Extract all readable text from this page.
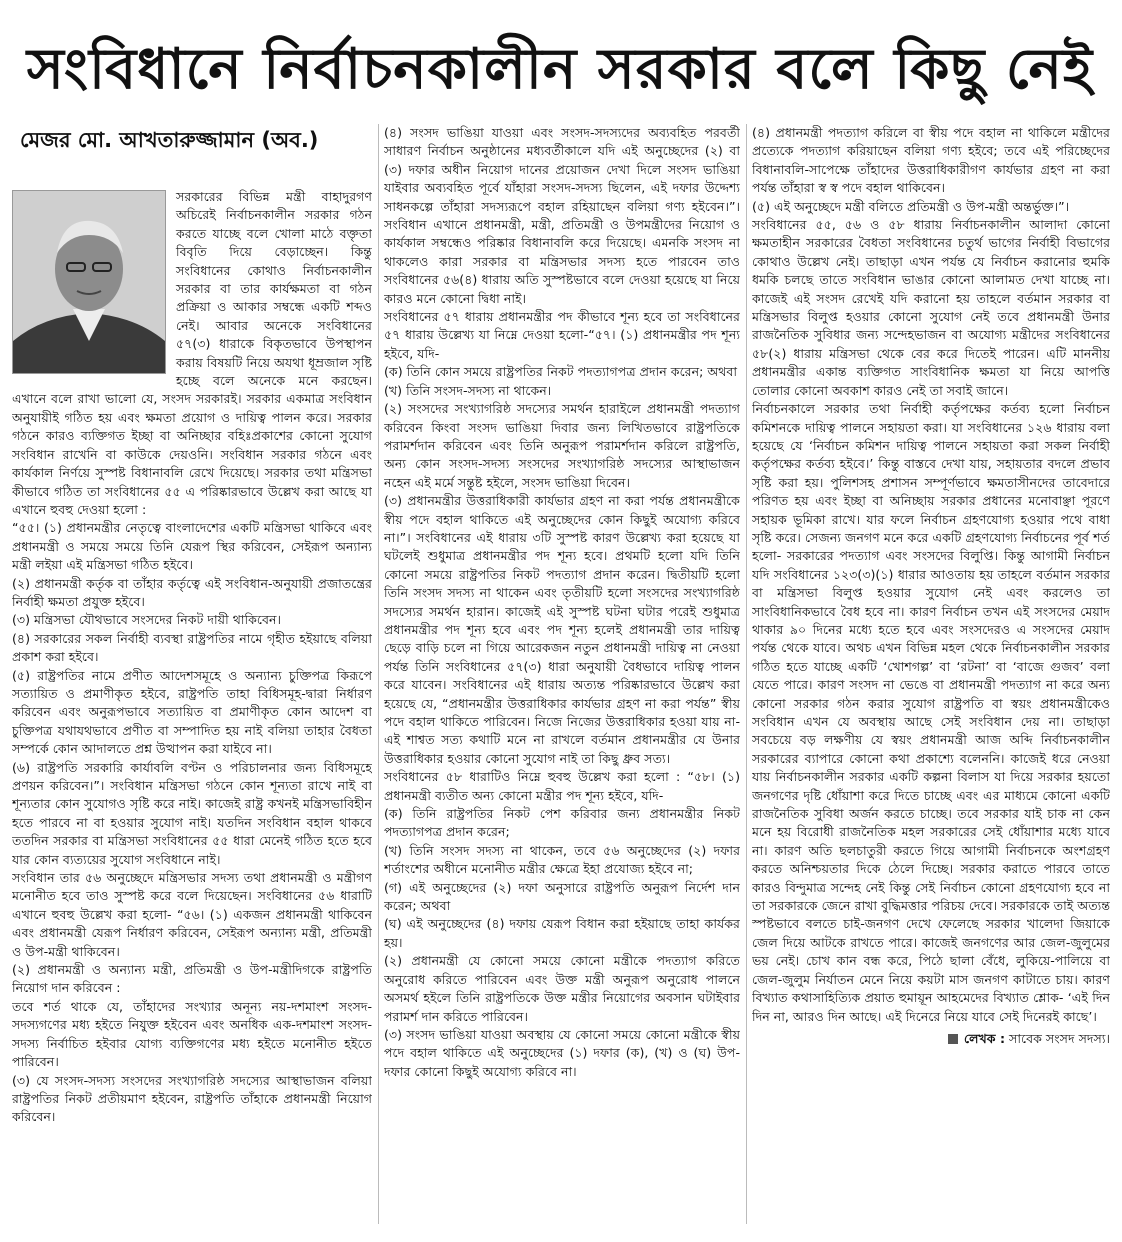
সংবিধানে নির্বাচনকালীন সরকার বলে কিছু নেই
মেজর মো. আখতারুজ্জামান (অব.)

সরকারের বিভিন্ন মন্ত্রী বাহাদুরগণ অচিরেই নির্বাচনকালীন সরকার গঠন করতে যাচ্ছে বলে খোলা মাঠে বক্তৃতা বিবৃতি দিয়ে বেড়াচ্ছেন। কিন্তু সংবিধানের কোথাও নির্বাচনকালীন সরকার বা তার কার্যক্ষমতা বা গঠন প্রক্রিয়া ও আকার সম্বন্ধে একটি শব্দও নেই। আবার অনেকে সংবিধানের ৫৭(৩) ধারাকে বিকৃতভাবে উপস্থাপন করায় বিষয়টি নিয়ে অযথা ধূম্রজাল সৃষ্টি হচ্ছে বলে অনেকে মনে করছেন। এখানে বলে রাখা ভালো যে, সংসদ সরকারই। সরকার একমাত্র সংবিধান অনুযায়ীই গঠিত হয় এবং ক্ষমতা প্রয়োগ ও দায়িত্ব পালন করে। সরকার গঠনে কারও ব্যক্তিগত ইচ্ছা বা অনিচ্ছার বহিঃপ্রকাশের কোনো সুযোগ সংবিধান রাখেনি বা কাউকে দেয়ওনি। সংবিধান সরকার গঠনে এবং কার্যকাল নির্ণয়ে সুস্পষ্ট বিধানাবলি রেখে দিয়েছে। সরকার তথা মন্ত্রিসভা কীভাবে গঠিত তা সংবিধানের ৫৫ এ পরিষ্কারভাবে উল্লেখ করা আছে যা এখানে হুবহু দেওয়া হলো :

“৫৫। (১) প্রধানমন্ত্রীর নেতৃত্বে বাংলাদেশের একটি মন্ত্রিসভা থাকিবে এবং প্রধানমন্ত্রী ও সময়ে সময়ে তিনি যেরূপ স্থির করিবেন, সেইরূপ অন্যান্য মন্ত্রী লইয়া এই মন্ত্রিসভা গঠিত হইবে।

(২) প্রধানমন্ত্রী কর্তৃক বা তাঁহার কর্তৃত্বে এই সংবিধান-অনুযায়ী প্রজাতন্ত্রের নির্বাহী ক্ষমতা প্রযুক্ত হইবে।

(৩) মন্ত্রিসভা যৌথভাবে সংসদের নিকট দায়ী থাকিবেন।

(৪) সরকারের সকল নির্বাহী ব্যবস্থা রাষ্ট্রপতির নামে গৃহীত হইয়াছে বলিয়া প্রকাশ করা হইবে।

(৫) রাষ্ট্রপতির নামে প্রণীত আদেশসমূহে ও অন্যান্য চুক্তিপত্র কিরূপে সত্যায়িত ও প্রমাণীকৃত হইবে, রাষ্ট্রপতি তাহা বিধিসমূহ-দ্বারা নির্ধারণ করিবেন এবং অনুরূপভাবে সত্যায়িত বা প্রমাণীকৃত কোন আদেশ বা চুক্তিপত্র যথাযথভাবে প্রণীত বা সম্পাদিত হয় নাই বলিয়া তাহার বৈধতা সম্পর্কে কোন আদালতে প্রশ্ন উত্থাপন করা যাইবে না।

(৬) রাষ্ট্রপতি সরকারি কার্যাবলি বণ্টন ও পরিচালনার জন্য বিধিসমূহে প্রণয়ন করিবেন।”। সংবিধান মন্ত্রিসভা গঠনে কোন শূন্যতা রাখে নাই বা শূন্যতার কোন সুযোগও সৃষ্টি করে নাই। কাজেই রাষ্ট্র কখনই মন্ত্রিসভাবিহীন হতে পারবে না বা হওয়ার সুযোগ নাই। যতদিন সংবিধান বহাল থাকবে ততদিন সরকার বা মন্ত্রিসভা সংবিধানের ৫৫ ধারা মেনেই গঠিত হতে হবে যার কোন ব্যত্যয়ের সুযোগ সংবিধানে নাই।

সংবিধান তার ৫৬ অনুচ্ছেদে মন্ত্রিসভার সদস্য তথা প্রধানমন্ত্রী ও মন্ত্রীগণ মনোনীত হবে তাও সুস্পষ্ট করে বলে দিয়েছেন। সংবিধানের ৫৬ ধারাটি এখানে হুবহু উল্লেখ করা হলো- “৫৬। (১) একজন প্রধানমন্ত্রী থাকিবেন এবং প্রধানমন্ত্রী যেরূপ নির্ধারণ করিবেন, সেইরূপ অন্যান্য মন্ত্রী, প্রতিমন্ত্রী ও উপ-মন্ত্রী থাকিবেন।

(২) প্রধানমন্ত্রী ও অন্যান্য মন্ত্রী, প্রতিমন্ত্রী ও উপ-মন্ত্রীদিগকে রাষ্ট্রপতি নিয়োগ দান করিবেন :

তবে শর্ত থাকে যে, তাঁহাদের সংখ্যার অনূন্য নয়-দশমাংশ সংসদ-সদস্যগণের মধ্য হইতে নিযুক্ত হইবেন এবং অনধিক এক-দশমাংশ সংসদ-সদস্য নির্বাচিত হইবার যোগ্য ব্যক্তিগণের মধ্য হইতে মনোনীত হইতে পারিবেন।

(৩) যে সংসদ-সদস্য সংসদের সংখ্যাগরিষ্ঠ সদস্যের আস্থাভাজন বলিয়া রাষ্ট্রপতির নিকট প্রতীয়মাণ হইবেন, রাষ্ট্রপতি তাঁহাকে প্রধানমন্ত্রী নিয়োগ করিবেন।

(৪) সংসদ ভাঙিয়া যাওয়া এবং সংসদ-সদস্যদের অব্যবহিত পরবর্তী সাধারণ নির্বাচন অনুষ্ঠানের মধ্যবর্তীকালে যদি এই অনুচ্ছেদের (২) বা (৩) দফার অধীন নিয়োগ দানের প্রয়োজন দেখা দিলে সংসদ ভাঙিয়া যাইবার অব্যবহিত পূর্বে যাঁহারা সংসদ-সদস্য ছিলেন, এই দফার উদ্দেশ্য সাধনকল্পে তাঁহারা সদস্যরূপে বহাল রহিয়াছেন বলিয়া গণ্য হইবেন।”। সংবিধান এখানে প্রধানমন্ত্রী, মন্ত্রী, প্রতিমন্ত্রী ও উপমন্ত্রীদের নিয়োগ ও কার্যকাল সম্বন্ধেও পরিষ্কার বিধানাবলি করে দিয়েছে। এমনকি সংসদ না থাকলেও কারা সরকার বা মন্ত্রিসভার সদস্য হতে পারবেন তাও সংবিধানের ৫৬(৪) ধারায় অতি সুস্পষ্টভাবে বলে দেওয়া হয়েছে যা নিয়ে কারও মনে কোনো দ্বিধা নাই।

সংবিধানের ৫৭ ধারায় প্রধানমন্ত্রীর পদ কীভাবে শূন্য হবে তা সংবিধানের ৫৭ ধারায় উল্লেখ্য যা নিম্নে দেওয়া হলো-“৫৭। (১) প্রধানমন্ত্রীর পদ শূন্য হইবে, যদি-

(ক) তিনি কোন সময়ে রাষ্ট্রপতির নিকট পদত্যাগপত্র প্রদান করেন; অথবা

(খ) তিনি সংসদ-সদস্য না থাকেন।

(২) সংসদের সংখ্যাগরিষ্ঠ সদস্যের সমর্থন হারাইলে প্রধানমন্ত্রী পদত্যাগ করিবেন কিংবা সংসদ ভাঙিয়া দিবার জন্য লিখিতভাবে রাষ্ট্রপতিকে পরামর্শদান করিবেন এবং তিনি অনুরূপ পরামর্শদান করিলে রাষ্ট্রপতি, অন্য কোন সংসদ-সদস্য সংসদের সংখ্যাগরিষ্ঠ সদস্যের আস্থাভাজন নহেন এই মর্মে সন্তুষ্ট হইলে, সংসদ ভাঙিয়া দিবেন।

(৩) প্রধানমন্ত্রীর উত্তরাধিকারী কার্যভার গ্রহণ না করা পর্যন্ত প্রধানমন্ত্রীকে স্বীয় পদে বহাল থাকিতে এই অনুচ্ছেদের কোন কিছুই অযোগ্য করিবে না।”। সংবিধানের এই ধারায় ৩টি সুস্পষ্ট কারণ উল্লেখ্য করা হয়েছে যা ঘটলেই শুধুমাত্র প্রধানমন্ত্রীর পদ শূন্য হবে। প্রথমটি হলো যদি তিনি কোনো সময়ে রাষ্ট্রপতির নিকট পদত্যাগ প্রদান করেন। দ্বিতীয়টি হলো তিনি সংসদ সদস্য না থাকেন এবং তৃতীয়টি হলো সংসদের সংখ্যাগরিষ্ঠ সদস্যের সমর্থন হারান। কাজেই এই সুস্পষ্ট ঘটনা ঘটার পরেই শুধুমাত্র প্রধানমন্ত্রীর পদ শূন্য হবে এবং পদ শূন্য হলেই প্রধানমন্ত্রী তার দায়িত্ব ছেড়ে বাড়ি চলে না গিয়ে আরেকজন নতুন প্রধানমন্ত্রী দায়িত্ব না নেওয়া পর্যন্ত তিনি সংবিধানের ৫৭(৩) ধারা অনুযায়ী বৈধভাবে দায়িত্ব পালন করে যাবেন। সংবিধানের এই ধারায় অত্যন্ত পরিষ্কারভাবে উল্লেখ করা হয়েছে যে, “প্রধানমন্ত্রীর উত্তরাধিকার কার্যভার গ্রহণ না করা পর্যন্ত” স্বীয় পদে বহাল থাকিতে পারিবেন। নিজে নিজের উত্তরাধিকার হওয়া যায় না-এই শাশ্বত সত্য কথাটি মনে না রাখলে বর্তমান প্রধানমন্ত্রীর যে উনার উত্তরাধিকার হওয়ার কোনো সুযোগ নাই তা কিছু ধ্রুব সত্য।

সংবিধানের ৫৮ ধারাটিও নিম্নে হুবহু উল্লেখ করা হলো : “৫৮। (১) প্রধানমন্ত্রী ব্যতীত অন্য কোনো মন্ত্রীর পদ শূন্য হইবে, যদি-

(ক) তিনি রাষ্ট্রপতির নিকট পেশ করিবার জন্য প্রধানমন্ত্রীর নিকট পদত্যাগপত্র প্রদান করেন;

(খ) তিনি সংসদ সদস্য না থাকেন, তবে ৫৬ অনুচ্ছেদের (২) দফার শর্তাংশের অধীনে মনোনীত মন্ত্রীর ক্ষেত্রে ইহা প্রযোজ্য হইবে না;

(গ) এই অনুচ্ছেদের (২) দফা অনুসারে রাষ্ট্রপতি অনুরূপ নির্দেশ দান করেন; অথবা

(ঘ) এই অনুচ্ছেদের (৪) দফায় যেরূপ বিধান করা হইয়াছে তাহা কার্যকর হয়।

(২) প্রধানমন্ত্রী যে কোনো সময়ে কোনো মন্ত্রীকে পদত্যাগ করিতে অনুরোধ করিতে পারিবেন এবং উক্ত মন্ত্রী অনুরূপ অনুরোধ পালনে অসমর্থ হইলে তিনি রাষ্ট্রপতিকে উক্ত মন্ত্রীর নিয়োগের অবসান ঘটাইবার পরামর্শ দান করিতে পারিবেন।

(৩) সংসদ ভাঙিয়া যাওয়া অবস্থায় যে কোনো সময়ে কোনো মন্ত্রীকে স্বীয় পদে বহাল থাকিতে এই অনুচ্ছেদের (১) দফার (ক), (খ) ও (ঘ) উপ-দফার কোনো কিছুই অযোগ্য করিবে না।

(৪) প্রধানমন্ত্রী পদত্যাগ করিলে বা স্বীয় পদে বহাল না থাকিলে মন্ত্রীদের প্রত্যেকে পদত্যাগ করিয়াছেন বলিয়া গণ্য হইবে; তবে এই পরিচ্ছেদের বিধানাবলি-সাপেক্ষে তাঁহাদের উত্তরাধিকারীগণ কার্যভার গ্রহণ না করা পর্যন্ত তাঁহারা স্ব স্ব পদে বহাল থাকিবেন।

(৫) এই অনুচ্ছেদে মন্ত্রী বলিতে প্রতিমন্ত্রী ও উপ-মন্ত্রী অন্তর্ভুক্ত।”।

সংবিধানের ৫৫, ৫৬ ও ৫৮ ধারায় নির্বাচনকালীন আলাদা কোনো ক্ষমতাহীন সরকারের বৈধতা সংবিধানের চতুর্থ ভাগের নির্বাহী বিভাগের কোথাও উল্লেখ নেই। তাছাড়া এখন পর্যন্ত যে নির্বাচন করানোর হুমকি ধমকি চলছে তাতে সংবিধান ভাঙার কোনো আলামত দেখা যাচ্ছে না। কাজেই এই সংসদ রেখেই যদি করানো হয় তাহলে বর্তমান সরকার বা মন্ত্রিসভার বিলুপ্ত হওয়ার কোনো সুযোগ নেই তবে প্রধানমন্ত্রী উনার রাজনৈতিক সুবিধার জন্য সন্দেহভাজন বা অযোগ্য মন্ত্রীদের সংবিধানের ৫৮(২) ধারায় মন্ত্রিসভা থেকে বের করে দিতেই পারেন। এটি মাননীয় প্রধানমন্ত্রীর একান্ত ব্যক্তিগত সাংবিধানিক ক্ষমতা যা নিয়ে আপত্তি তোলার কোনো অবকাশ কারও নেই তা সবাই জানে।

নির্বাচনকালে সরকার তথা নির্বাহী কর্তৃপক্ষের কর্তব্য হলো নির্বাচন কমিশনকে দায়িত্ব পালনে সহায়তা করা। যা সংবিধানের ১২৬ ধারায় বলা হয়েছে যে ‘নির্বাচন কমিশন দায়িত্ব পালনে সহায়তা করা সকল নির্বাহী কর্তৃপক্ষের কর্তব্য হইবে।’ কিন্তু বাস্তবে দেখা যায়, সহায়তার বদলে প্রভাব সৃষ্টি করা হয়। পুলিশসহ প্রশাসন সম্পূর্ণভাবে ক্ষমতাসীনদের তাবেদারে পরিণত হয় এবং ইচ্ছা বা অনিচ্ছায় সরকার প্রধানের মনোবাঞ্ছা পূরণে সহায়ক ভূমিকা রাখে। যার ফলে নির্বাচন গ্রহণযোগ্য হওয়ার পথে বাধা সৃষ্টি করে। সেজন্য জনগণ মনে করে একটি গ্রহণযোগ্য নির্বাচনের পূর্ব শর্ত হলো- সরকারের পদত্যাগ এবং সংসদের বিলুপ্তি। কিন্তু আগামী নির্বাচন যদি সংবিধানের ১২৩(৩)(১) ধারার আওতায় হয় তাহলে বর্তমান সরকার বা মন্ত্রিসভা বিলুপ্ত হওয়ার সুযোগ নেই এবং করলেও তা সাংবিধানিকভাবে বৈধ হবে না। কারণ নির্বাচন তখন এই সংসদের মেয়াদ থাকার ৯০ দিনের মধ্যে হতে হবে এবং সংসদেরও এ সংসদের মেয়াদ পর্যন্ত থেকে যাবে। অথচ এখন বিভিন্ন মহল থেকে নির্বাচনকালীন সরকার গঠিত হতে যাচ্ছে একটি ‘খোশগল্প’ বা ‘রটনা’ বা ‘বাজে গুজব’ বলা যেতে পারে। কারণ সংসদ না ভেঙে বা প্রধানমন্ত্রী পদত্যাগ না করে অন্য কোনো সরকার গঠন করার সুযোগ রাষ্ট্রপতি বা স্বয়ং প্রধানমন্ত্রীকেও সংবিধান এখন যে অবস্থায় আছে সেই সংবিধান দেয় না। তাছাড়া সবচেয়ে বড় লক্ষণীয় যে স্বয়ং প্রধানমন্ত্রী আজ অব্দি নির্বাচনকালীন সরকারের ব্যাপারে কোনো কথা প্রকাশ্যে বলেননি। কাজেই ধরে নেওয়া যায় নির্বাচনকালীন সরকার একটি কল্পনা বিলাস যা দিয়ে সরকার হয়তো জনগণের দৃষ্টি ধোঁয়াশা করে দিতে চাচ্ছে এবং এর মাধ্যমে কোনো একটি রাজনৈতিক সুবিধা অর্জন করতে চাচ্ছে। তবে সরকার যাই চাক না কেন মনে হয় বিরোধী রাজনৈতিক মহল সরকারের সেই ধোঁয়াশার মধ্যে যাবে না। কারণ অতি ছলচাতুরী করতে গিয়ে আগামী নির্বাচনকে অংশগ্রহণ করতে অনিশ্চয়তার দিকে ঠেলে দিচ্ছে। সরকার করাতে পারবে তাতে কারও বিন্দুমাত্র সন্দেহ নেই কিন্তু সেই নির্বাচন কোনো গ্রহণযোগ্য হবে না তা সরকারকে জেনে রাখা বুদ্ধিমত্তার পরিচয় দেবে। সরকারকে তাই অত্যন্ত স্পষ্টভাবে বলতে চাই-জনগণ দেখে ফেলেছে সরকার খালেদা জিয়াকে জেল দিয়ে আটকে রাখতে পারে। কাজেই জনগণের আর জেল-জুলুমের ভয় নেই। চোখ কান বন্ধ করে, পিঠে ছালা বেঁধে, লুকিয়ে-পালিয়ে বা জেল-জুলুম নির্যাতন মেনে নিয়ে কয়টা মাস জনগণ কাটাতে চায়। কারণ বিখ্যাত কথাসাহিত্যিক প্রয়াত হুমায়ূন আহমেদের বিখ্যাত শ্লোক- ‘এই দিন দিন না, আরও দিন আছে। এই দিনেরে নিয়ে যাবে সেই দিনেরই কাছে’।

লেখক : সাবেক সংসদ সদস্য।
